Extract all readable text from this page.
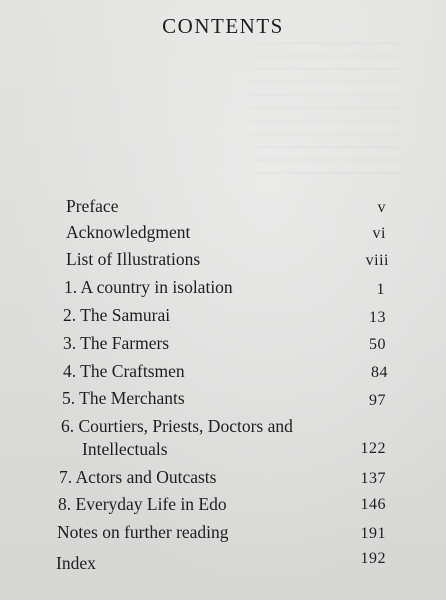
CONTENTS
Preface	v
Acknowledgment	vi
List of Illustrations	viii
1. A country in isolation	1
2. The Samurai	13
3. The Farmers	50
4. The Craftsmen	84
5. The Merchants	97
6. Courtiers, Priests, Doctors and
Intellectuals	122
7. Actors and Outcasts	137
8. Everyday Life in Edo	146
Notes on further reading	191
Index	192
